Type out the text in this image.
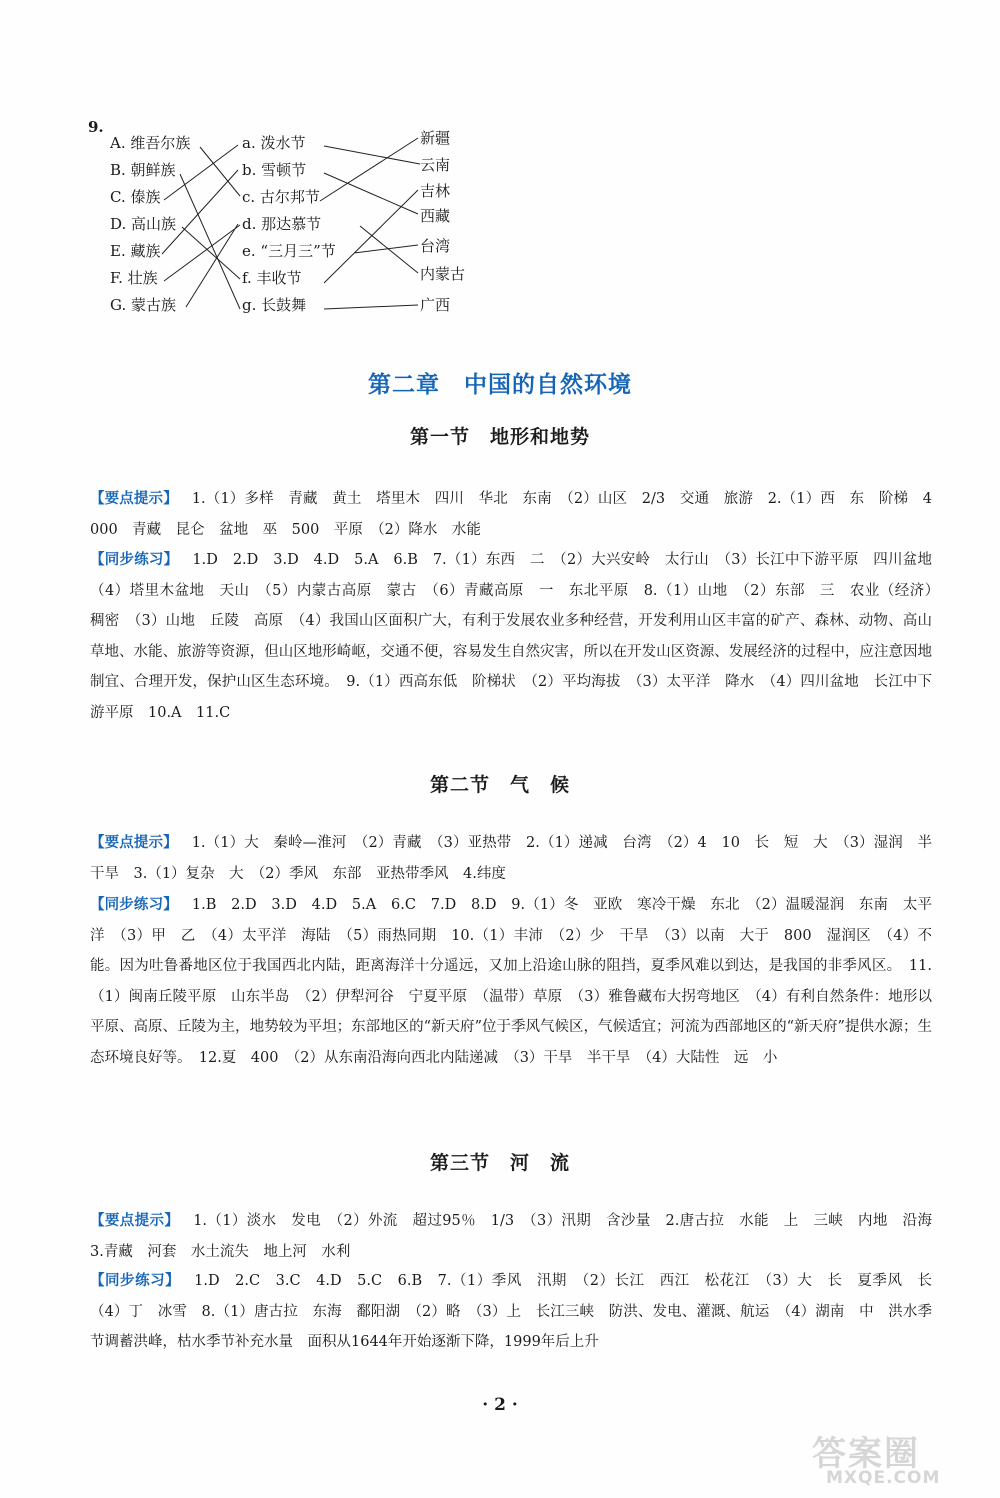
9.
A. 维吾尔族
B. 朝鲜族
C. 傣族
D. 高山族
E. 藏族
F. 壮族
G. 蒙古族
a. 泼水节
b. 雪顿节
c. 古尔邦节
d. 那达慕节
e. “三月三”节
f. 丰收节
g. 长鼓舞
新疆
云南
吉林
西藏
台湾
内蒙古
广西
第二章　中国的自然环境
第一节　地形和地势
【要点提示】 1.（1）多样　青藏　黄土　塔里木　四川　华北　东南　（2）山区　2/3　交通　旅游　2.（1）西　东　阶梯　4 000　青藏　昆仑　盆地　巫　500　平原　（2）降水　水能
【同步练习】 1.D　2.D　3.D　4.D　5.A　6.B　7.（1）东西　二　（2）大兴安岭　太行山　（3）长江中下游平原　四川盆地　（4）塔里木盆地　天山　（5）内蒙古高原　蒙古　（6）青藏高原　一　东北平原　8.（1）山地　（2）东部　三　农业（经济）　稠密　（3）山地　丘陵　高原　（4）我国山区面积广大，有利于发展农业多种经营，开发利用山区丰富的矿产、森林、动物、高山草地、水能、旅游等资源，但山区地形崎岖，交通不便，容易发生自然灾害，所以在开发山区资源、发展经济的过程中，应注意因地制宜、合理开发，保护山区生态环境。　9.（1）西高东低　阶梯状　（2）平均海拔　（3）太平洋　降水　（4）四川盆地　长江中下游平原　10.A　11.C
第二节　气　候
【要点提示】 1.（1）大　秦岭—淮河　（2）青藏　（3）亚热带　2.（1）递减　台湾　（2）4　10　长　短　大　（3）湿润　半干旱　3.（1）复杂　大　（2）季风　东部　亚热带季风　4.纬度
【同步练习】 1.B　2.D　3.D　4.D　5.A　6.C　7.D　8.D　9.（1）冬　亚欧　寒冷干燥　东北　（2）温暖湿润　东南　太平洋　（3）甲　乙　（4）太平洋　海陆　（5）雨热同期　10.（1）丰沛　（2）少　干旱　（3）以南　大于　800　湿润区　（4）不能。因为吐鲁番地区位于我国西北内陆，距离海洋十分遥远，又加上沿途山脉的阻挡，夏季风难以到达，是我国的非季风区。　11.（1）闽南丘陵平原　山东半岛　（2）伊犁河谷　宁夏平原　（温带）草原　（3）雅鲁藏布大拐弯地区　（4）有利自然条件：地形以平原、高原、丘陵为主，地势较为平坦；东部地区的“新天府”位于季风气候区，气候适宜；河流为西部地区的“新天府”提供水源；生态环境良好等。　12.夏　400　（2）从东南沿海向西北内陆递减　（3）干旱　半干旱　（4）大陆性　远　小
第三节　河　流
【要点提示】 1.（1）淡水　发电　（2）外流　超过95％　1/3　（3）汛期　含沙量　2.唐古拉　水能　上　三峡　内地　沿海　3.青藏　河套　水土流失　地上河　水利
【同步练习】 1.D　2.C　3.C　4.D　5.C　6.B　7.（1）季风　汛期　（2）长江　西江　松花江　（3）大　长　夏季风　长　（4）丁　冰雪　8.（1）唐古拉　东海　鄱阳湖　（2）略　（3）上　长江三峡　防洪、发电、灌溉、航运　（4）湖南　中　洪水季节调蓄洪峰，枯水季节补充水量　面积从1644年开始逐渐下降，1999年后上升
· 2 ·
答案圈
MXQE.COM
